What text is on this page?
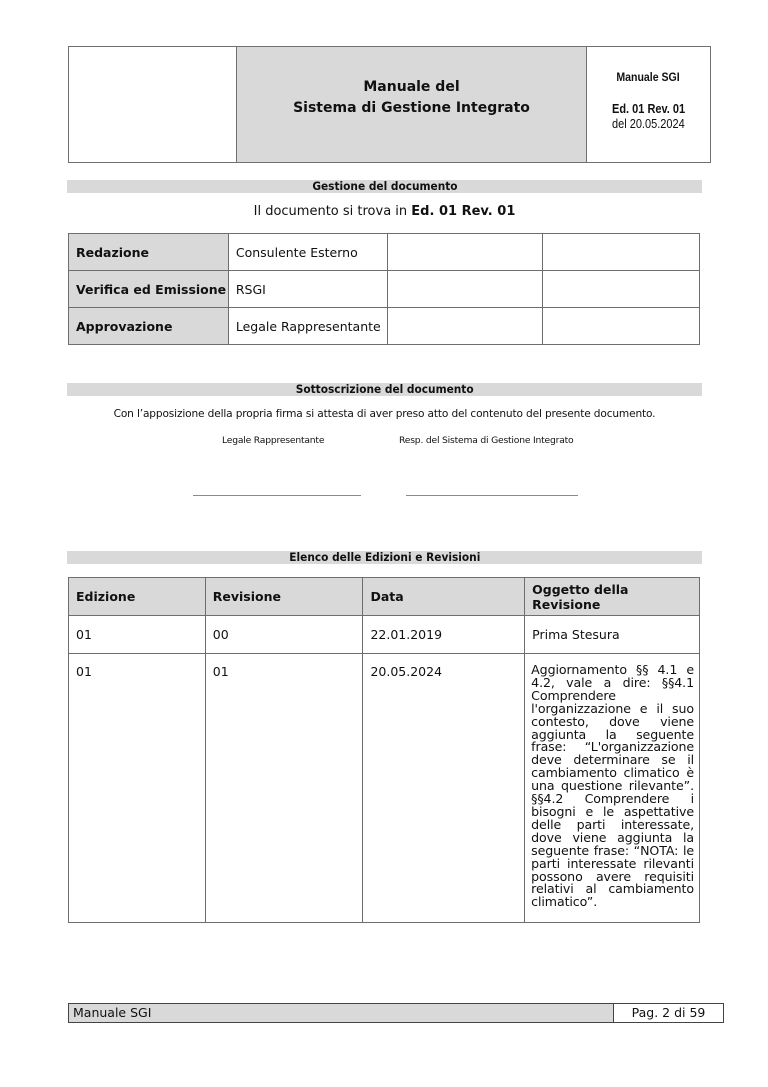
Manuale del
Sistema di Gestione Integrato
Manuale SGI
Ed. 01 Rev. 01
del 20.05.2024
Gestione del documento
Il documento si trova in Ed. 01 Rev. 01
Redazione	Consulente Esterno		
Verifica ed Emissione	RSGI		
Approvazione	Legale Rappresentante		
Sottoscrizione del documento
Con l’apposizione della propria firma si attesta di aver preso atto del contenuto del presente documento.
Legale Rappresentante	Resp. del Sistema di Gestione Integrato
Elenco delle Edizioni e Revisioni
Edizione	Revisione	Data	Oggetto della Revisione
01	00	22.01.2019	Prima Stesura
01	01	20.05.2024	Aggiornamento §§ 4.1 e 4.2, vale a dire: §§4.1 Comprendere l'organizzazione e il suo contesto, dove viene aggiunta la seguente frase: “L'organizzazione deve determinare se il cambiamento climatico è una questione rilevante”. §§4.2 Comprendere i bisogni e le aspettative delle parti interessate, dove viene aggiunta la seguente frase: “NOTA: le parti interessate rilevanti possono avere requisiti relativi al cambiamento climatico”.
Manuale SGI	Pag. 2 di 59
